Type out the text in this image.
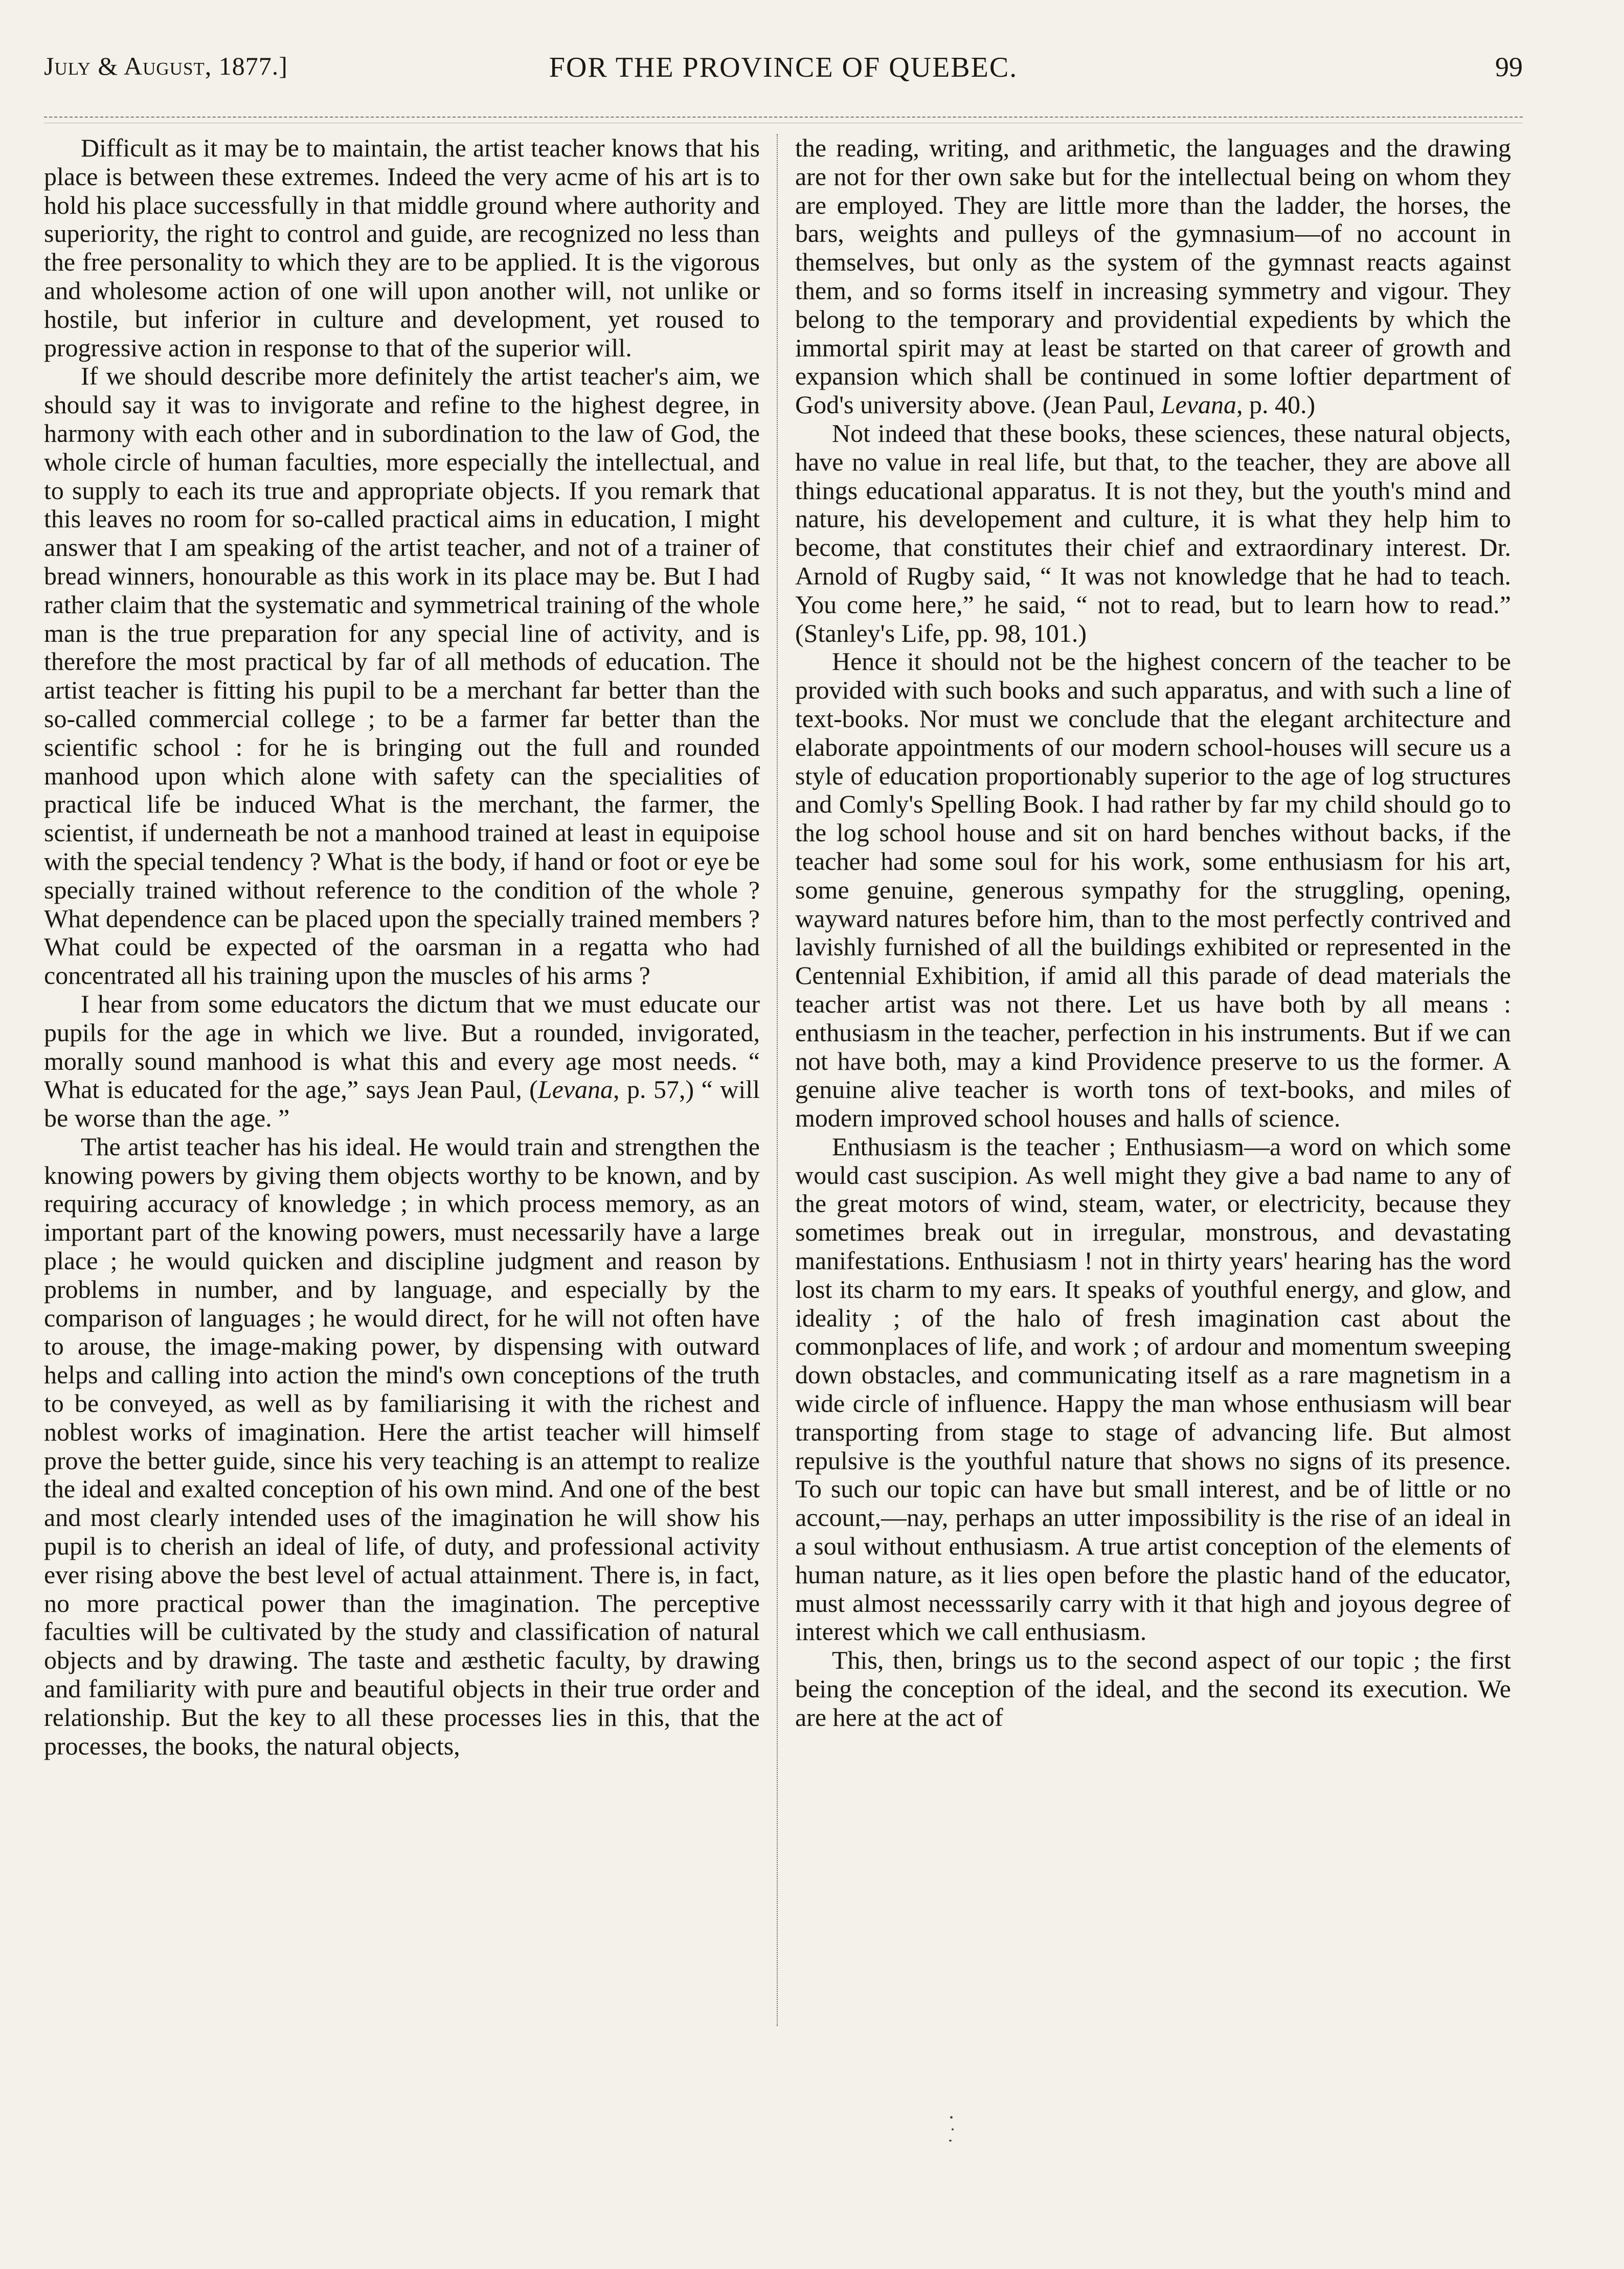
July & August, 1877.]	FOR THE PROVINCE OF QUEBEC.	99

Difficult as it may be to maintain, the artist teacher knows that his place is between these extremes. Indeed the very acme of his art is to hold his place successfully in that middle ground where authority and superiority, the right to control and guide, are recognized no less than the free personality to which they are to be applied. It is the vigorous and wholesome action of one will upon another will, not unlike or hostile, but inferior in culture and development, yet roused to progressive action in response to that of the superior will.

If we should describe more definitely the artist teacher's aim, we should say it was to invigorate and refine to the highest degree, in harmony with each other and in subordination to the law of God, the whole circle of human faculties, more especially the intellectual, and to supply to each its true and appropriate objects. If you remark that this leaves no room for so-called practical aims in education, I might answer that I am speaking of the artist teacher, and not of a trainer of bread winners, honourable as this work in its place may be. But I had rather claim that the systematic and symmetrical training of the whole man is the true preparation for any special line of activity, and is therefore the most practical by far of all methods of education. The artist teacher is fitting his pupil to be a merchant far better than the so-called commercial college ; to be a farmer far better than the scientific school : for he is bringing out the full and rounded manhood upon which alone with safety can the specialities of practical life be induced What is the merchant, the farmer, the scientist, if underneath be not a manhood trained at least in equipoise with the special tendency ? What is the body, if hand or foot or eye be specially trained without reference to the condition of the whole ? What dependence can be placed upon the specially trained members ? What could be expected of the oarsman in a regatta who had concentrated all his training upon the muscles of his arms ?

I hear from some educators the dictum that we must educate our pupils for the age in which we live. But a rounded, invigorated, morally sound manhood is what this and every age most needs. “ What is educated for the age,” says Jean Paul, (Levana, p. 57,) “ will be worse than the age. ”

The artist teacher has his ideal. He would train and strengthen the knowing powers by giving them objects worthy to be known, and by requiring accuracy of knowledge ; in which process memory, as an important part of the knowing powers, must necessarily have a large place ; he would quicken and discipline judgment and reason by problems in number, and by language, and especially by the comparison of languages ; he would direct, for he will not often have to arouse, the image-making power, by dispensing with outward helps and calling into action the mind's own conceptions of the truth to be conveyed, as well as by familiarising it with the richest and noblest works of imagination. Here the artist teacher will himself prove the better guide, since his very teaching is an attempt to realize the ideal and exalted conception of his own mind. And one of the best and most clearly intended uses of the imagination he will show his pupil is to cherish an ideal of life, of duty, and professional activity ever rising above the best level of actual attainment. There is, in fact, no more practical power than the imagination. The perceptive faculties will be cultivated by the study and classification of natural objects and by drawing. The taste and æsthetic faculty, by drawing and familiarity with pure and beautiful objects in their true order and relationship. But the key to all these processes lies in this, that the processes, the books, the natural objects,

the reading, writing, and arithmetic, the languages and the drawing are not for ther own sake but for the intellectual being on whom they are employed. They are little more than the ladder, the horses, the bars, weights and pulleys of the gymnasium—of no account in themselves, but only as the system of the gymnast reacts against them, and so forms itself in increasing symmetry and vigour. They belong to the temporary and providential expedients by which the immortal spirit may at least be started on that career of growth and expansion which shall be continued in some loftier department of God's university above. (Jean Paul, Levana, p. 40.)

Not indeed that these books, these sciences, these natural objects, have no value in real life, but that, to the teacher, they are above all things educational apparatus. It is not they, but the youth's mind and nature, his developement and culture, it is what they help him to become, that constitutes their chief and extraordinary interest. Dr. Arnold of Rugby said, “ It was not knowledge that he had to teach. You come here,” he said, “ not to read, but to learn how to read.” (Stanley's Life, pp. 98, 101.)

Hence it should not be the highest concern of the teacher to be provided with such books and such apparatus, and with such a line of text-books. Nor must we conclude that the elegant architecture and elaborate appointments of our modern school-houses will secure us a style of education proportionably superior to the age of log structures and Comly's Spelling Book. I had rather by far my child should go to the log school house and sit on hard benches without backs, if the teacher had some soul for his work, some enthusiasm for his art, some genuine, generous sympathy for the struggling, opening, wayward natures before him, than to the most perfectly contrived and lavishly furnished of all the buildings exhibited or represented in the Centennial Exhibition, if amid all this parade of dead materials the teacher artist was not there. Let us have both by all means : enthusiasm in the teacher, perfection in his instruments. But if we can not have both, may a kind Providence preserve to us the former. A genuine alive teacher is worth tons of text-books, and miles of modern improved school houses and halls of science.

Enthusiasm is the teacher ; Enthusiasm—a word on which some would cast suscipion. As well might they give a bad name to any of the great motors of wind, steam, water, or electricity, because they sometimes break out in irregular, monstrous, and devastating manifestations. Enthusiasm ! not in thirty years' hearing has the word lost its charm to my ears. It speaks of youthful energy, and glow, and ideality ; of the halo of fresh imagination cast about the commonplaces of life, and work ; of ardour and momentum sweeping down obstacles, and communicating itself as a rare magnetism in a wide circle of influence. Happy the man whose enthusiasm will bear transporting from stage to stage of advancing life. But almost repulsive is the youthful nature that shows no signs of its presence. To such our topic can have but small interest, and be of little or no account,—nay, perhaps an utter impossibility is the rise of an ideal in a soul without enthusiasm. A true artist conception of the elements of human nature, as it lies open before the plastic hand of the educator, must almost necesssarily carry with it that high and joyous degree of interest which we call enthusiasm.

This, then, brings us to the second aspect of our topic ; the first being the conception of the ideal, and the second its execution. We are here at the act of
